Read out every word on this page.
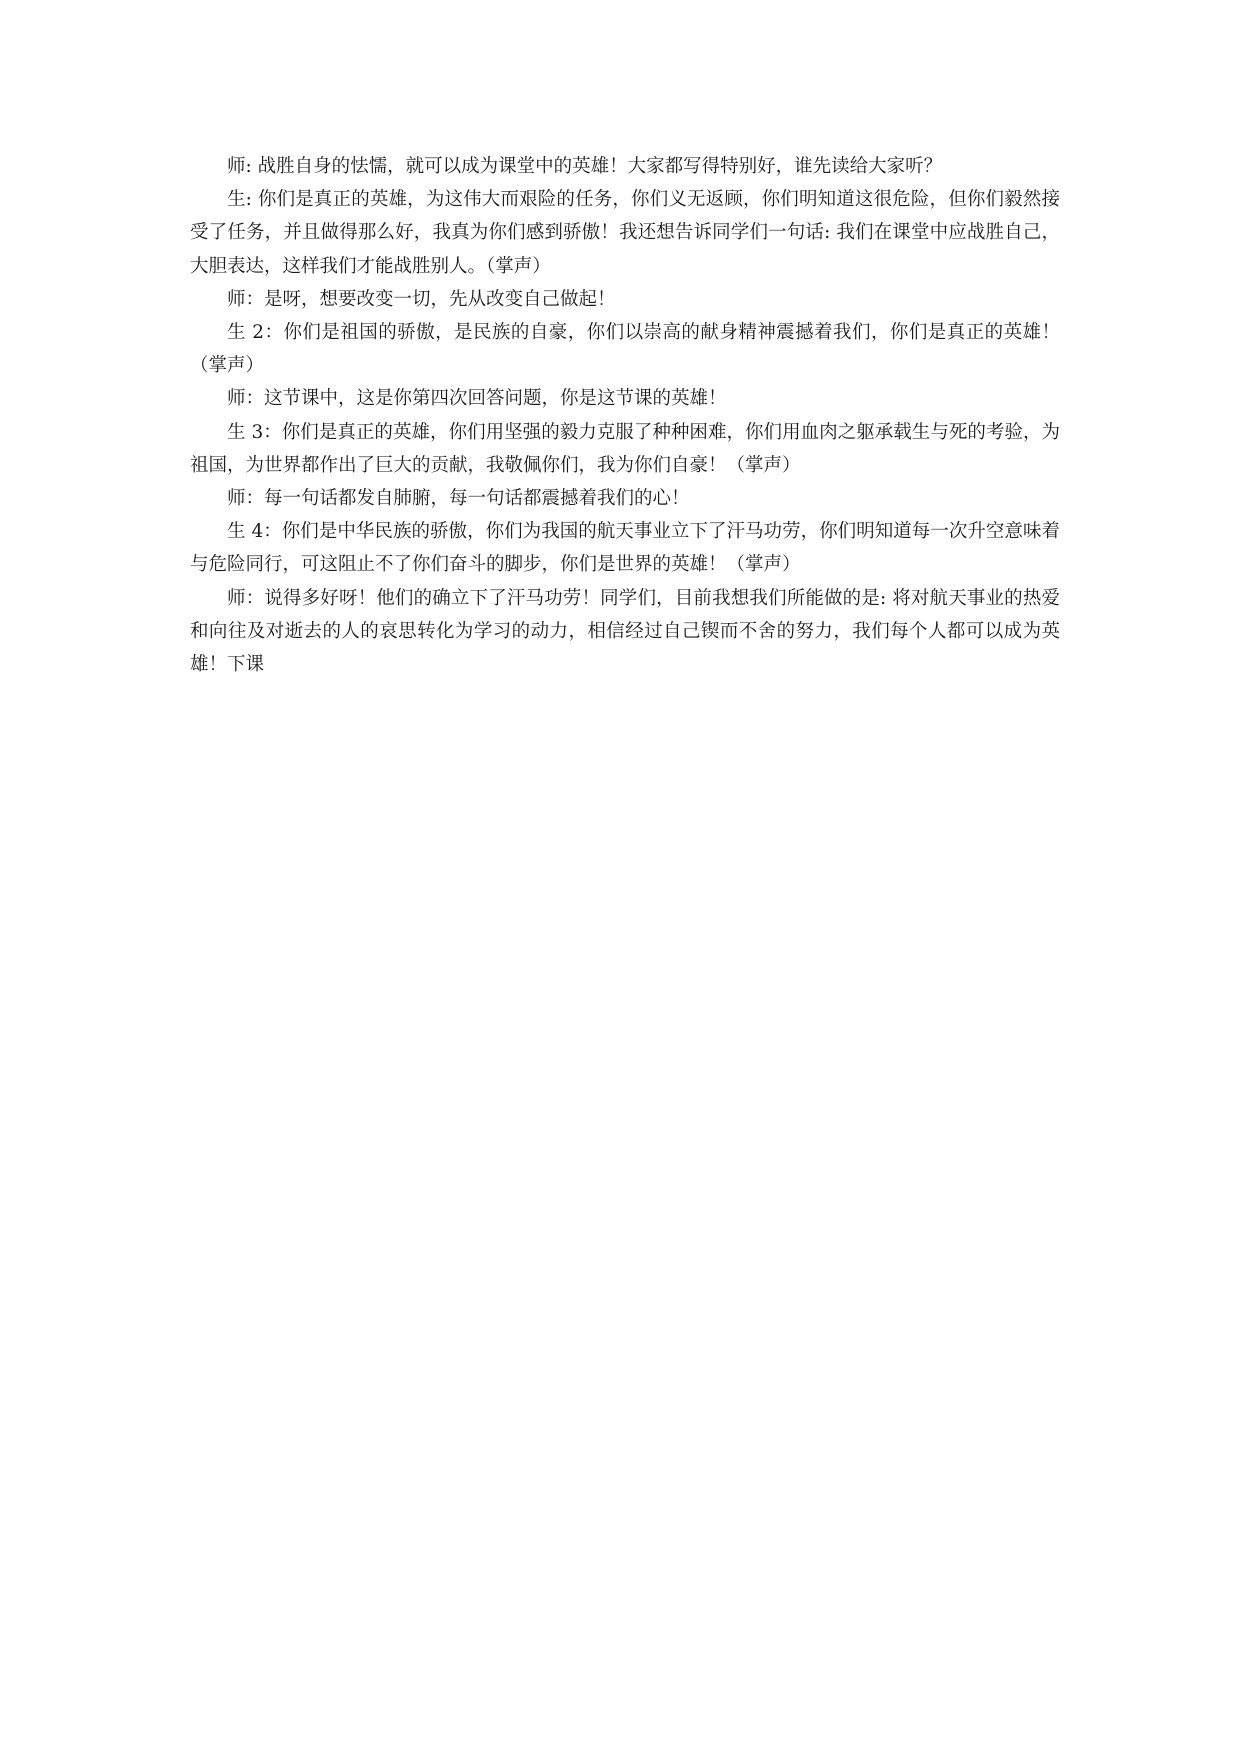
师: 战胜自身的怯懦，就可以成为课堂中的英雄！大家都写得特别好，谁先读给大家听？

生: 你们是真正的英雄，为这伟大而艰险的任务，你们义无返顾，你们明知道这很危险，但你们毅然接受了任务，并且做得那么好，我真为你们感到骄傲！我还想告诉同学们一句话: 我们在课堂中应战胜自己，大胆表达，这样我们才能战胜别人。（掌声）

师：是呀，想要改变一切，先从改变自己做起！

生 2：你们是祖国的骄傲，是民族的自豪，你们以崇高的献身精神震撼着我们，你们是真正的英雄！（掌声）

师：这节课中，这是你第四次回答问题，你是这节课的英雄！

生 3：你们是真正的英雄，你们用坚强的毅力克服了种种困难，你们用血肉之躯承载生与死的考验，为祖国，为世界都作出了巨大的贡献，我敬佩你们，我为你们自豪！（掌声）

师：每一句话都发自肺腑，每一句话都震撼着我们的心！

生 4：你们是中华民族的骄傲，你们为我国的航天事业立下了汗马功劳，你们明知道每一次升空意味着与危险同行，可这阻止不了你们奋斗的脚步，你们是世界的英雄！（掌声）

师：说得多好呀！他们的确立下了汗马功劳！同学们，目前我想我们所能做的是: 将对航天事业的热爱和向往及对逝去的人的哀思转化为学习的动力，相信经过自己锲而不舍的努力，我们每个人都可以成为英雄！下课
